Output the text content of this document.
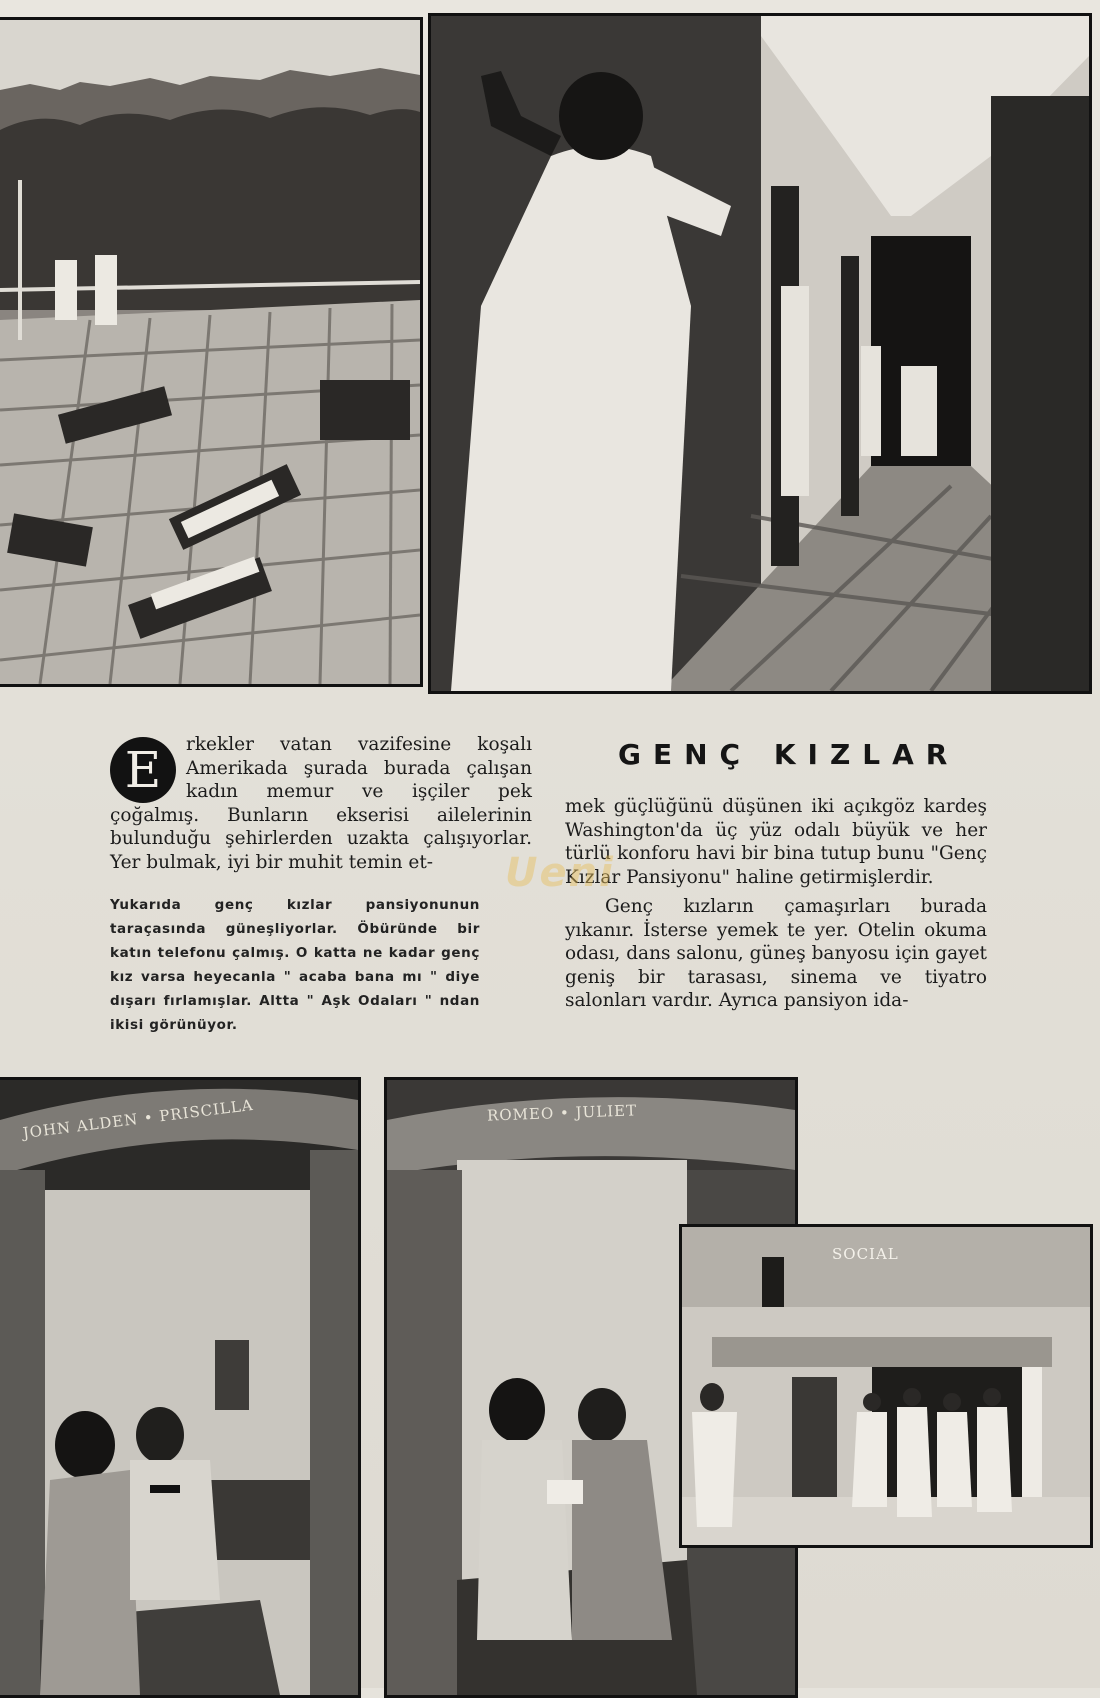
E	rkekler vatan vazifesine koşalı Amerikada şurada burada çalışan kadın memur ve işçiler pek çoğalmış. Bunların ekserisi ailelerinin bulunduğu şehirlerden uzakta çalışıyorlar. Yer bulmak, iyi bir muhit temin et-
Yukarıda genç kızlar pansiyonunun taraçasında güneşliyorlar. Öbüründe bir katın telefonu çalmış. O katta ne kadar genç kız varsa heyecanla " acaba bana mı " diye dışarı fırlamışlar. Altta " Aşk Odaları " ndan ikisi görünüyor.
GENÇ KIZLAR

mek güçlüğünü düşünen iki açıkgöz kardeş Washington'da üç yüz odalı büyük ve her türlü konforu havi bir bina tutup bunu "Genç Kızlar Pansiyonu" haline getirmişlerdir.

Genç kızların çamaşırları burada yıkanır. İsterse yemek te yer. Otelin okuma odası, dans salonu, güneş banyosu için gayet geniş bir tarasası, sinema ve tiyatro salonları vardır. Ayrıca pansiyon ida-

Ueni
JOHN ALDEN • PRISCILLA	ROMEO • JULIET
SOCIAL
